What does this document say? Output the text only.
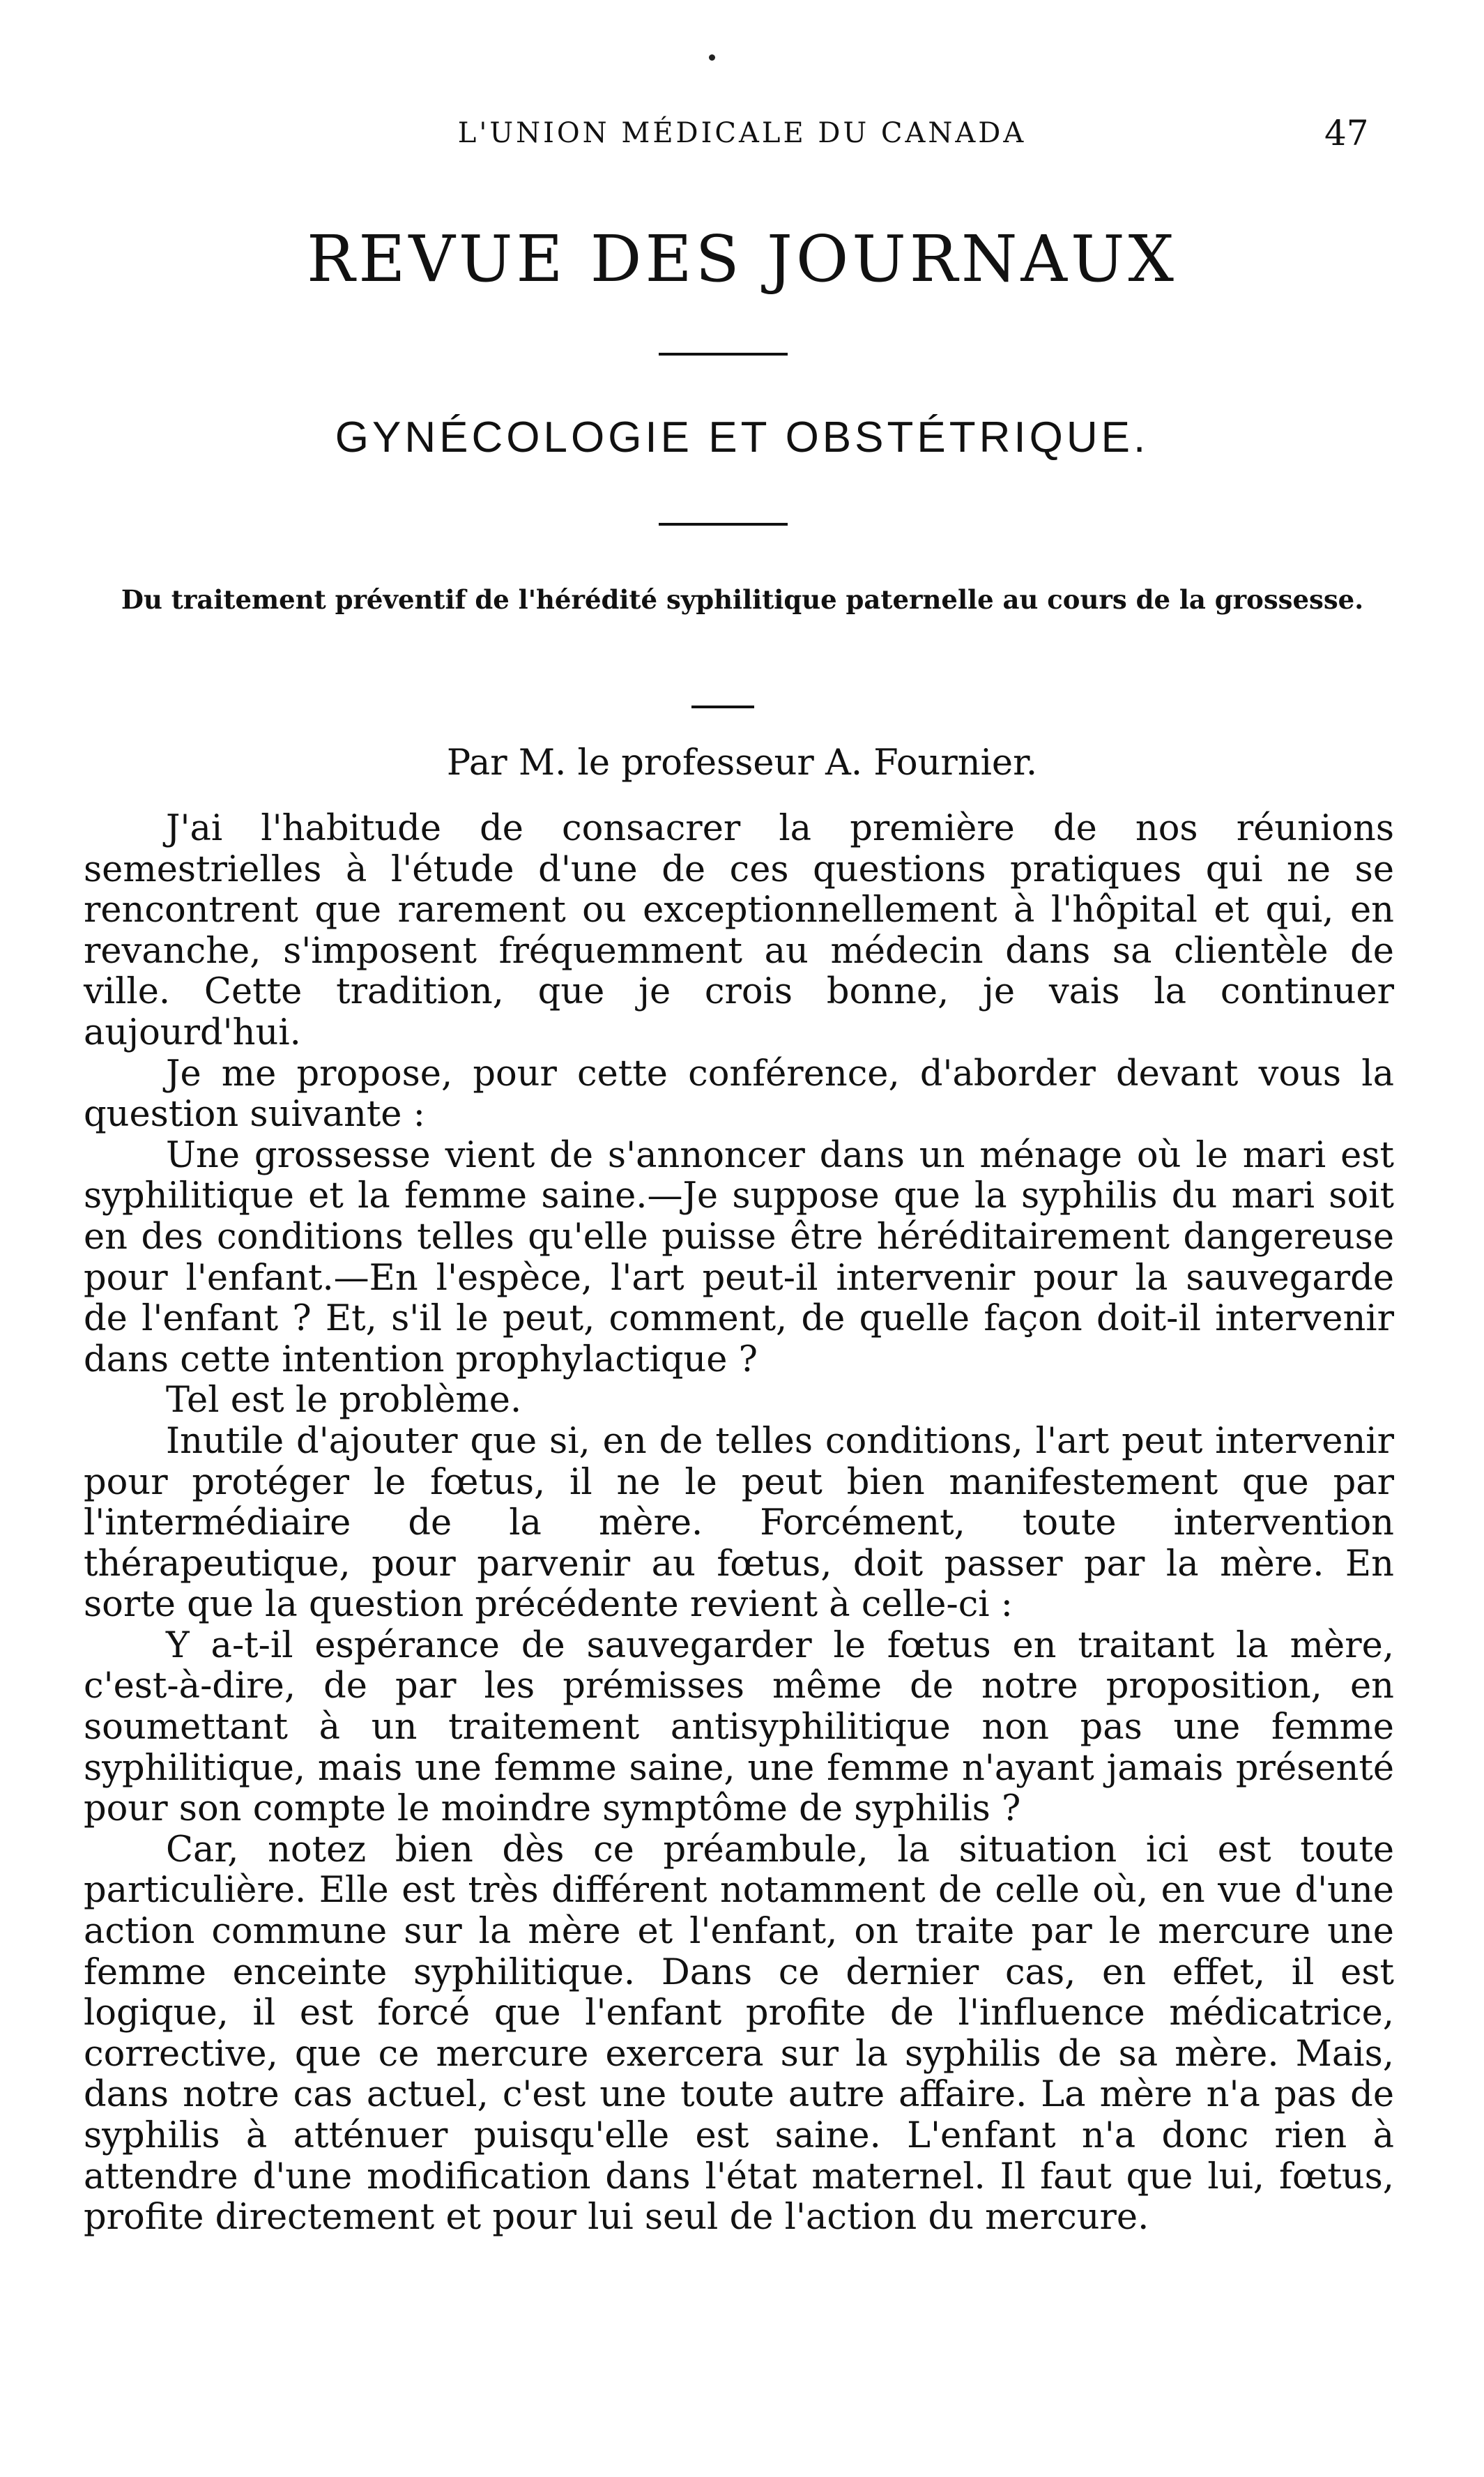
L'UNION MÉDICALE DU CANADA	47
REVUE DES JOURNAUX
GYNÉCOLOGIE ET OBSTÉTRIQUE.
Du traitement préventif de l'hérédité syphilitique paternelle au cours de la grossesse.
Par M. le professeur A. Fournier.

J'ai l'habitude de consacrer la première de nos réunions semestrielles à l'étude d'une de ces questions pratiques qui ne se rencontrent que rarement ou exceptionnellement à l'hôpital et qui, en revanche, s'imposent fréquemment au médecin dans sa clientèle de ville. Cette tradition, que je crois bonne, je vais la continuer aujourd'hui.

Je me propose, pour cette conférence, d'aborder devant vous la question suivante :

Une grossesse vient de s'annoncer dans un ménage où le mari est syphilitique et la femme saine.—Je suppose que la syphilis du mari soit en des conditions telles qu'elle puisse être héréditairement dangereuse pour l'enfant.—En l'espèce, l'art peut-il intervenir pour la sauvegarde de l'enfant ? Et, s'il le peut, comment, de quelle façon doit-il intervenir dans cette intention prophylactique ?

Tel est le problème.

Inutile d'ajouter que si, en de telles conditions, l'art peut intervenir pour protéger le fœtus, il ne le peut bien manifestement que par l'intermédiaire de la mère. Forcément, toute intervention thérapeutique, pour parvenir au fœtus, doit passer par la mère. En sorte que la question précédente revient à celle-ci :

Y a-t-il espérance de sauvegarder le fœtus en traitant la mère, c'est-à-dire, de par les prémisses même de notre proposition, en soumettant à un traitement antisyphilitique non pas une femme syphilitique, mais une femme saine, une femme n'ayant jamais présenté pour son compte le moindre symptôme de syphilis ?

Car, notez bien dès ce préambule, la situation ici est toute particulière. Elle est très différent notamment de celle où, en vue d'une action commune sur la mère et l'enfant, on traite par le mercure une femme enceinte syphilitique. Dans ce dernier cas, en effet, il est logique, il est forcé que l'enfant profite de l'influence médicatrice, corrective, que ce mercure exercera sur la syphilis de sa mère. Mais, dans notre cas actuel, c'est une toute autre affaire. La mère n'a pas de syphilis à atténuer puisqu'elle est saine. L'enfant n'a donc rien à attendre d'une modification dans l'état maternel. Il faut que lui, fœtus, profite directement et pour lui seul de l'action du mercure.
